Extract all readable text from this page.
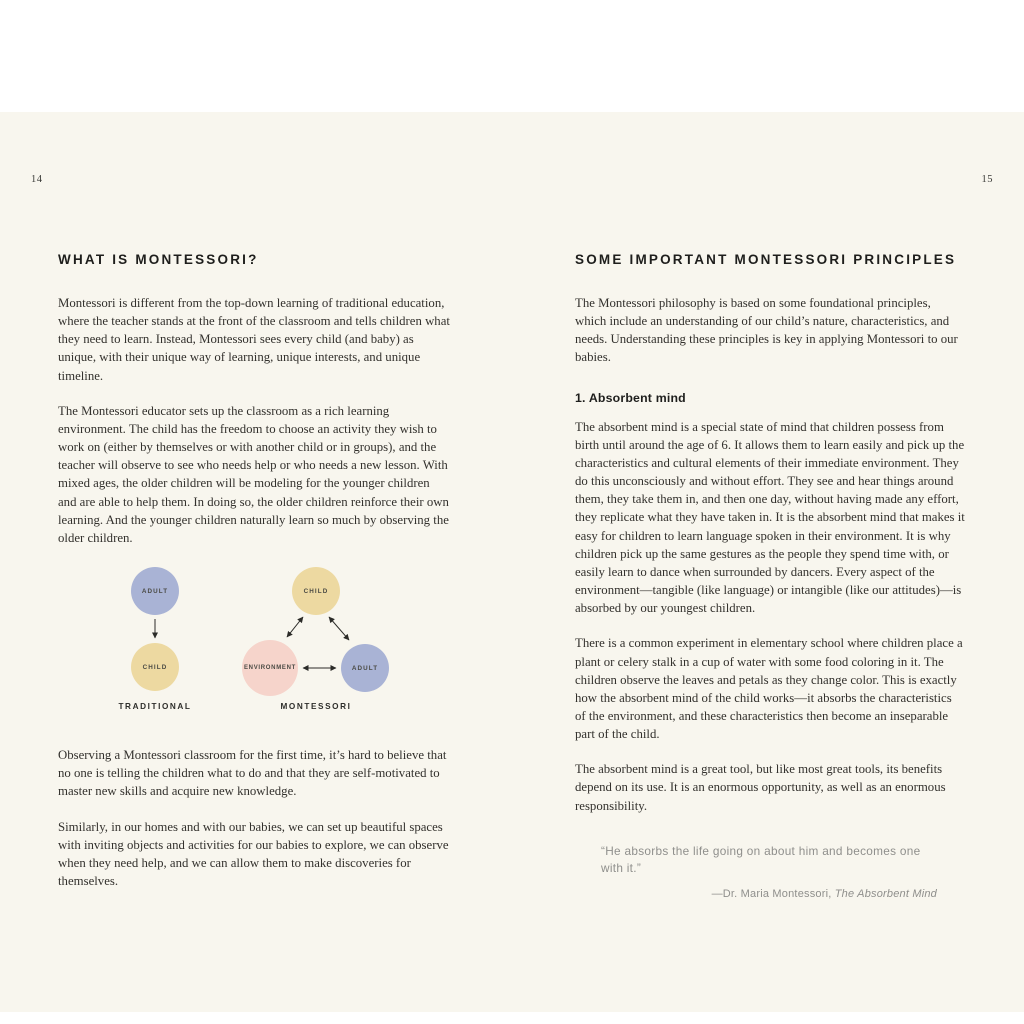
14	15
WHAT IS MONTESSORI?

Montessori is different from the top-down learning of traditional education, where the teacher stands at the front of the classroom and tells children what they need to learn. Instead, Montessori sees every child (and baby) as unique, with their unique way of learning, unique interests, and unique timeline.

The Montessori educator sets up the classroom as a rich learning environment. The child has the freedom to choose an activity they wish to work on (either by themselves or with another child or in groups), and the teacher will observe to see who needs help or who needs a new lesson. With mixed ages, the older children will be modeling for the younger children and are able to help them. In doing so, the older children reinforce their own learning. And the younger children naturally learn so much by observing the older children.

ADULT
CHILD
CHILD
ENVIRONMENT	ADULT
TRADITIONAL	MONTESSORI

Observing a Montessori classroom for the first time, it’s hard to believe that no one is telling the children what to do and that they are self-motivated to master new skills and acquire new knowledge.

Similarly, in our homes and with our babies, we can set up beautiful spaces with inviting objects and activities for our babies to explore, we can observe when they need help, and we can allow them to make discoveries for themselves.

SOME IMPORTANT MONTESSORI PRINCIPLES

The Montessori philosophy is based on some foundational principles, which include an understanding of our child’s nature, characteristics, and needs. Understanding these principles is key in applying Montessori to our babies.

1. Absorbent mind

The absorbent mind is a special state of mind that children possess from birth until around the age of 6. It allows them to learn easily and pick up the characteristics and cultural elements of their immediate environment. They do this unconsciously and without effort. They see and hear things around them, they take them in, and then one day, without having made any effort, they replicate what they have taken in. It is the absorbent mind that makes it easy for children to learn language spoken in their environment. It is why children pick up the same gestures as the people they spend time with, or easily learn to dance when surrounded by dancers. Every aspect of the environment—tangible (like language) or intangible (like our attitudes)—is absorbed by our youngest children.

There is a common experiment in elementary school where children place a plant or celery stalk in a cup of water with some food coloring in it. The children observe the leaves and petals as they change color. This is exactly how the absorbent mind of the child works—it absorbs the characteristics of the environment, and these characteristics then become an inseparable part of the child.

The absorbent mind is a great tool, but like most great tools, its benefits depend on its use. It is an enormous opportunity, as well as an enormous responsibility.

“He absorbs the life going on about him and becomes one with it.”

—Dr. Maria Montessori, The Absorbent Mind
